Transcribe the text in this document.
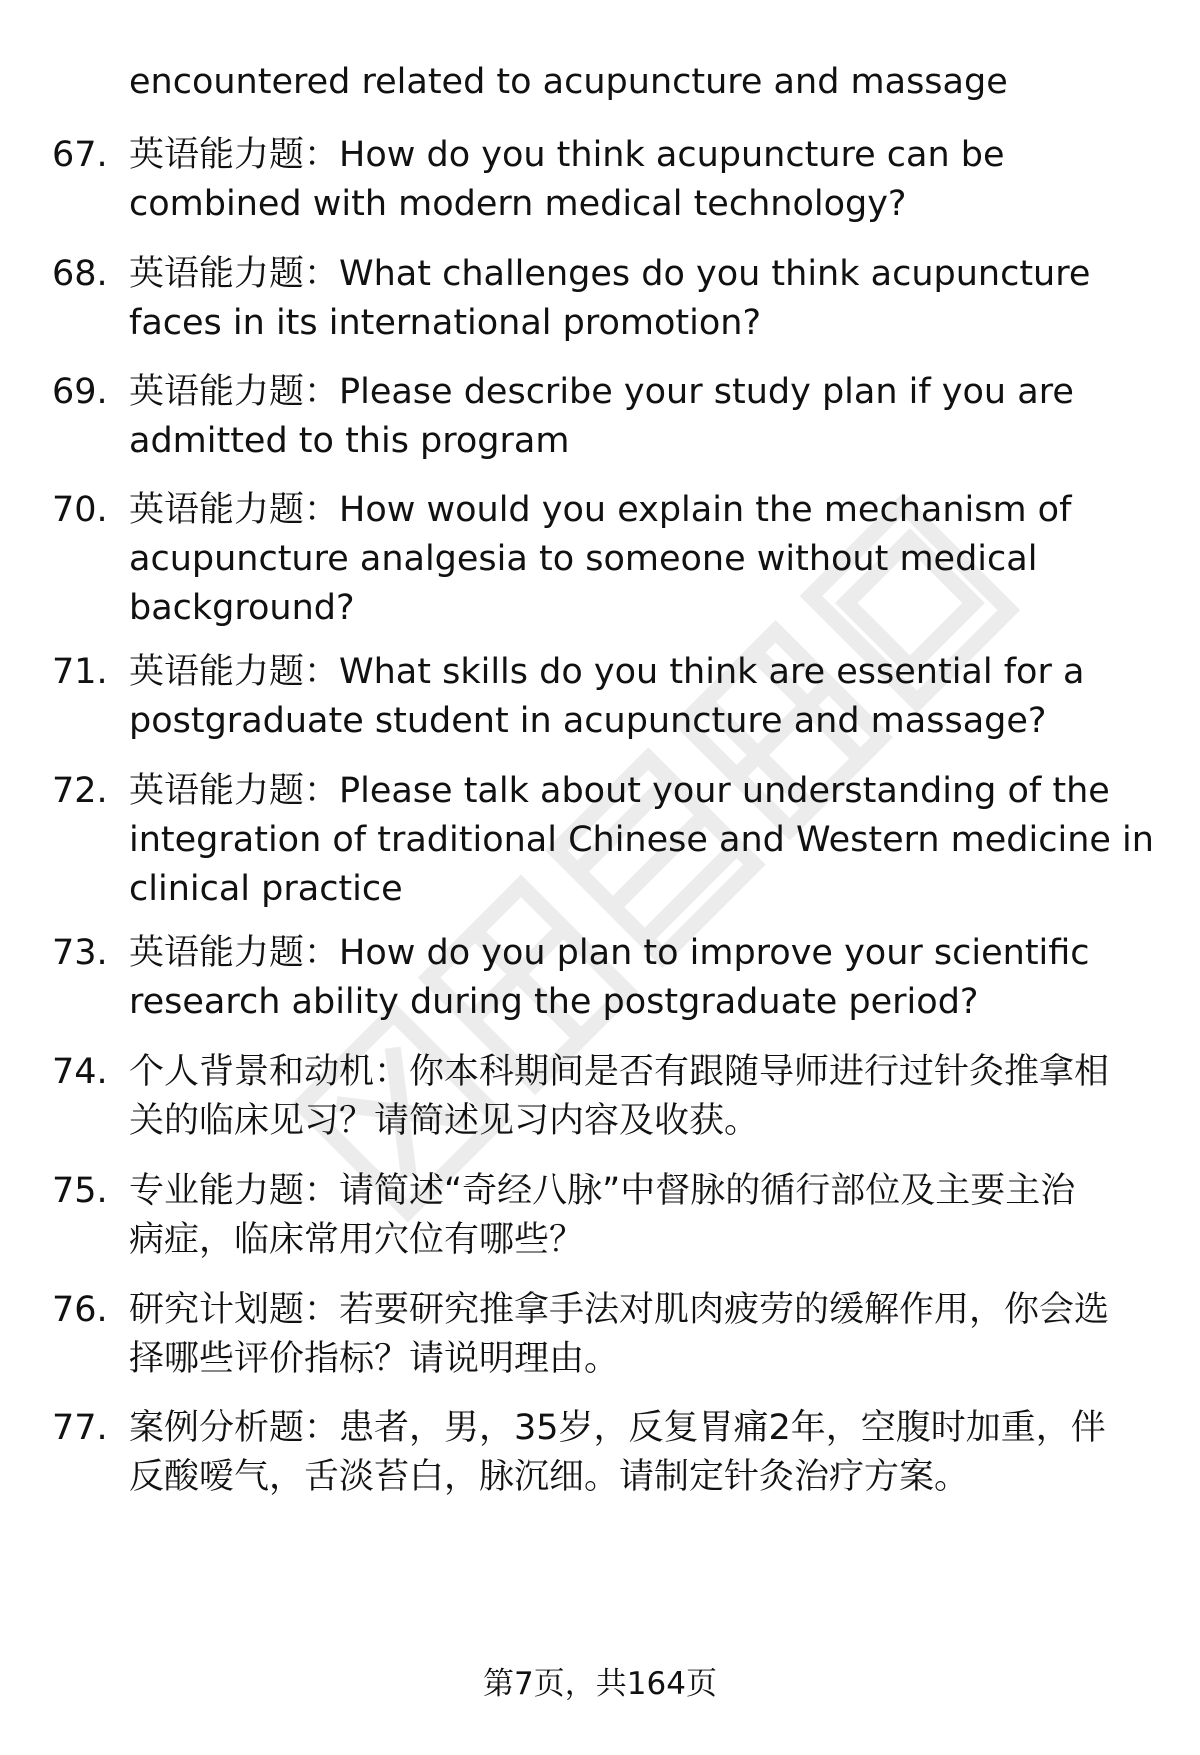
encountered related to acupuncture and massage
67. 英语能力题：How do you think acupuncture can be
combined with modern medical technology?
68. 英语能力题：What challenges do you think acupuncture
faces in its international promotion?
69. 英语能力题：Please describe your study plan if you are
admitted to this program
70. 英语能力题：How would you explain the mechanism of
acupuncture analgesia to someone without medical
background?
71. 英语能力题：What skills do you think are essential for a
postgraduate student in acupuncture and massage?
72. 英语能力题：Please talk about your understanding of the
integration of traditional Chinese and Western medicine in
clinical practice
73. 英语能力题：How do you plan to improve your scientific
research ability during the postgraduate period?
74. 个人背景和动机：你本科期间是否有跟随导师进行过针灸推拿相
关的临床见习？请简述见习内容及收获。
75. 专业能力题：请简述“奇经八脉”中督脉的循行部位及主要主治
病症，临床常用穴位有哪些？
76. 研究计划题：若要研究推拿手法对肌肉疲劳的缓解作用，你会选
择哪些评价指标？请说明理由。
77. 案例分析题：患者，男，35岁，反复胃痛2年，空腹时加重，伴
反酸嗳气，舌淡苔白，脉沉细。请制定针灸治疗方案。
第7页，共164页
